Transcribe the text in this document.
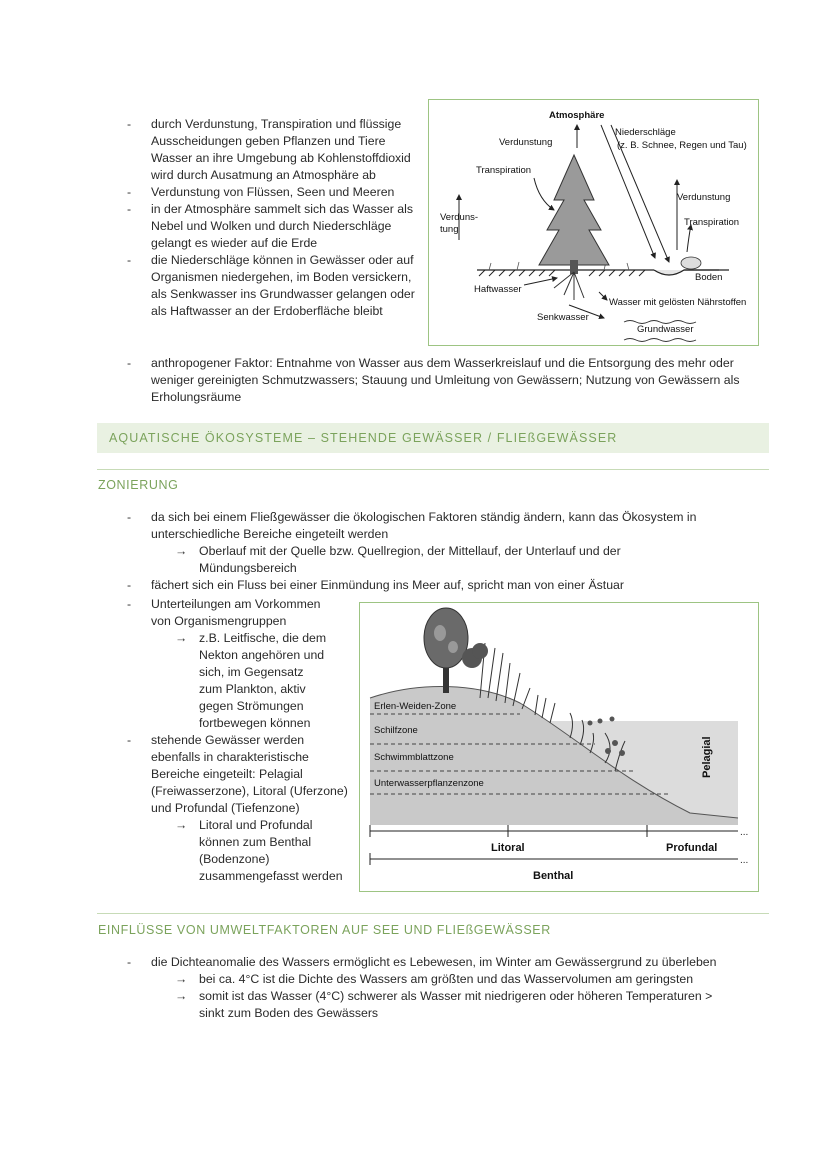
- durch Verdunstung, Transpiration und flüssige Ausscheidungen geben Pflanzen und Tiere Wasser an ihre Umgebung ab Kohlenstoffdioxid wird durch Ausatmung an Atmosphäre ab
- Verdunstung von Flüssen, Seen und Meeren
- in der Atmosphäre sammelt sich das Wasser als Nebel und Wolken und durch Niederschläge gelangt es wieder auf die Erde
- die Niederschläge können in Gewässer oder auf Organismen niedergehen, im Boden versickern, als Senkwasser ins Grundwasser gelangen oder als Haftwasser an der Erdoberfläche bleibt
- anthropogener Faktor: Entnahme von Wasser aus dem Wasserkreislauf und die Entsorgung des mehr oder weniger gereinigten Schmutzwassers; Stauung und Umleitung von Gewässern; Nutzung von Gewässern als Erholungsräume
Atmosphäre
Verdunstung
Niederschläge
(z. B. Schnee, Regen und Tau)
Transpiration
Verdunstung
Transpiration
Verduns-
tung
Boden
Haftwasser
Wasser mit gelösten Nährstoffen
Senkwasser
Grundwasser
AQUATISCHE ÖKOSYSTEME – STEHENDE GEWÄSSER / FLIEßGEWÄSSER
ZONIERUNG
- da sich bei einem Fließgewässer die ökologischen Faktoren ständig ändern, kann das Ökosystem in unterschiedliche Bereiche eingeteilt werden
→ Oberlauf mit der Quelle bzw. Quellregion, der Mittellauf, der Unterlauf und der Mündungsbereich
- fächert sich ein Fluss bei einer Einmündung ins Meer auf, spricht man von einer Ästuar
- Unterteilungen am Vorkommen von Organismengruppen
→ z.B. Leitfische, die dem Nekton angehören und sich, im Gegensatz zum Plankton, aktiv gegen Strömungen fortbewegen können
- stehende Gewässer werden ebenfalls in charakteristische Bereiche eingeteilt: Pelagial (Freiwasserzone), Litoral (Uferzone) und Profundal (Tiefenzone)
→ Litoral und Profundal können zum Benthal (Bodenzone) zusammengefasst werden
Erlen-Weiden-Zone
Schilfzone
Schwimmblattzone
Unterwasserpflanzenzone
Pelagial
...
...
Litoral	Profundal
Benthal
EINFLÜSSE VON UMWELTFAKTOREN AUF SEE UND FLIEßGEWÄSSER
- die Dichteanomalie des Wassers ermöglicht es Lebewesen, im Winter am Gewässergrund zu überleben
→ bei ca. 4°C ist die Dichte des Wassers am größten und das Wasservolumen am geringsten
→ somit ist das Wasser (4°C) schwerer als Wasser mit niedrigeren oder höheren Temperaturen > sinkt zum Boden des Gewässers
